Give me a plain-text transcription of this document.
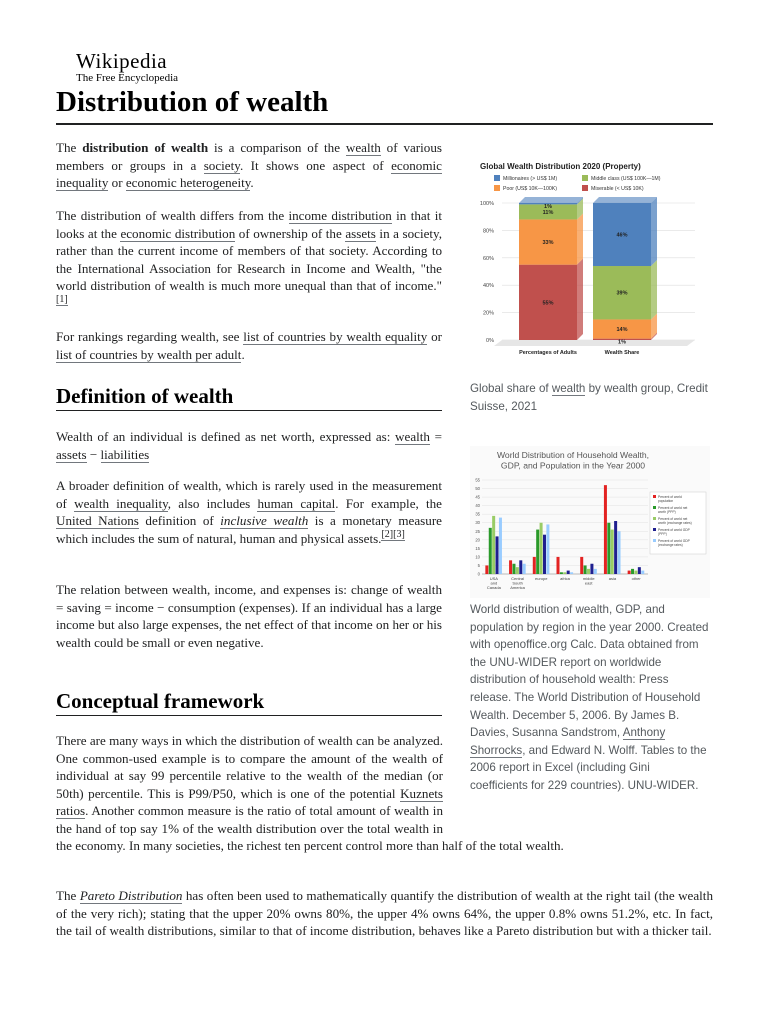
Wikipedia
The Free Encyclopedia
Distribution of wealth

The distribution of wealth is a comparison of the wealth of various members or groups in a society. It shows one aspect of economic inequality or economic heterogeneity.

The distribution of wealth differs from the income distribution in that it looks at the economic distribution of ownership of the assets in a society, rather than the current income of members of that society. According to the International Association for Research in Income and Wealth, "the world distribution of wealth is much more unequal than that of income."[1]

For rankings regarding wealth, see list of countries by wealth equality or list of countries by wealth per adult.

Definition of wealth

Wealth of an individual is defined as net worth, expressed as: wealth = assets − liabilities

A broader definition of wealth, which is rarely used in the measurement of wealth inequality, also includes human capital. For example, the United Nations definition of inclusive wealth is a monetary measure which includes the sum of natural, human and physical assets.[2][3]

The relation between wealth, income, and expenses is: change of wealth = saving = income − consumption (expenses). If an individual has a large income but also large expenses, the net effect of that income on her or his wealth could be small or even negative.

Conceptual framework
There are many ways in which the distribution of wealth can be analyzed. One common-used example is to compare the amount of the wealth of individual at say 99 percentile relative to the wealth of the median (or 50th) percentile. This is P99/P50, which is one of the potential Kuznets ratios. Another common measure is the ratio of total amount of wealth in the hand of top say 1% of the wealth distribution over the total wealth in the economy. In many societies, the richest ten percent control more than half of the total wealth.

The Pareto Distribution has often been used to mathematically quantify the distribution of wealth at the right tail (the wealth of the very rich); stating that the upper 20% owns 80%, the upper 4% owns 64%, the upper 0.8% owns 51.2%, etc. In fact, the tail of wealth distributions, similar to that of income distribution, behaves like a Pareto distribution but with a thicker tail.

Global Wealth Distribution 2020 (Property)
Millionaires (> US$ 1M)	Middle class (US$ 100K—1M)
Poor (US$ 10K—100K)	Miserable (< US$ 10K)
0%
20%
40%
60%
80%
100%
55%
33%
11%
1%
Percentages of Adults
1%
14%
39%
46%
Wealth Share
Global share of wealth by wealth group, Credit Suisse, 2021
World Distribution of Household Wealth, GDP, and Population in the Year 2000
0
5
10
15
20
25
30
35
40
45
50
55
USA and Canada
Central South America
europe	africa	middle east
asia	other
Percent of world population
Percent of world net worth (PPP)
Percent of world net worth (exchange rates)
Percent of world GDP (PPP)
Percent of world GDP (exchange rates)
World distribution of wealth, GDP, and population by region in the year 2000. Created with openoffice.org Calc. Data obtained from the UNU-WIDER report on worldwide distribution of household wealth: Press release. The World Distribution of Household Wealth. December 5, 2006. By James B. Davies, Susanna Sandstrom, Anthony Shorrocks, and Edward N. Wolff. Tables to the 2006 report in Excel (including Gini coefficients for 229 countries). UNU-WIDER.
